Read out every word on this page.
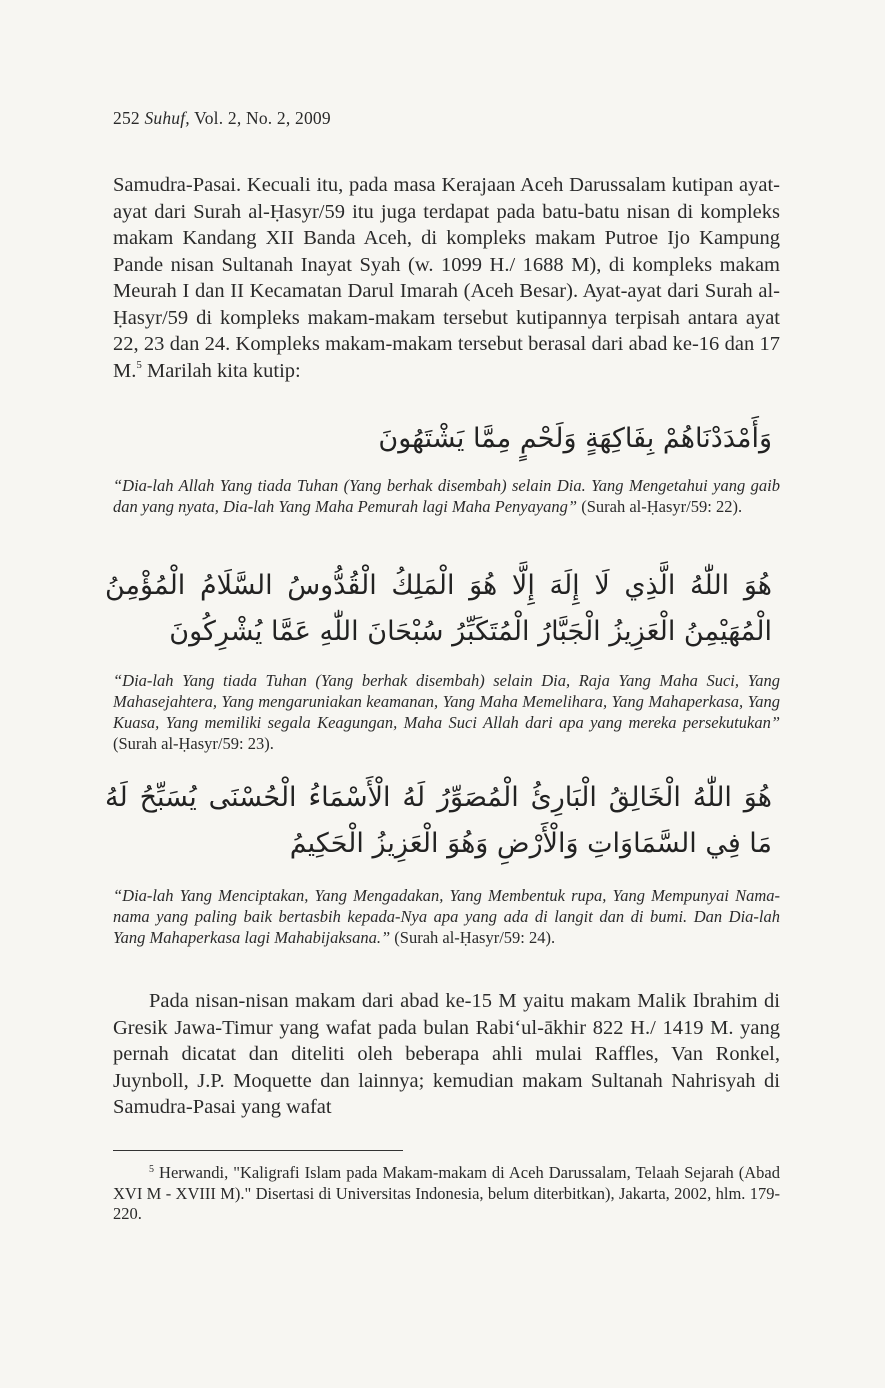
252 Suhuf, Vol. 2, No. 2, 2009

Samudra-Pasai. Kecuali itu, pada masa Kerajaan Aceh Darussalam kutipan ayat-ayat dari Surah al-Ḥasyr/59 itu juga terdapat pada batu-batu nisan di kompleks makam Kandang XII Banda Aceh, di kompleks makam Putroe Ijo Kampung Pande nisan Sultanah Inayat Syah (w. 1099 H./ 1688 M), di kompleks makam Meurah I dan II Kecamatan Darul Imarah (Aceh Besar). Ayat-ayat dari Surah al-Ḥasyr/59 di kompleks makam-makam tersebut kutipannya terpisah antara ayat 22, 23 dan 24. Kompleks makam-makam tersebut berasal dari abad ke-16 dan 17 M.$^5$ Marilah kita kutip:

وَأَمْدَدْنَاهُمْ بِفَاكِهَةٍ وَلَحْمٍ مِمَّا يَشْتَهُونَ

“Dia-lah Allah Yang tiada Tuhan (Yang berhak disembah) selain Dia. Yang Mengetahui yang gaib dan yang nyata, Dia-lah Yang Maha Pemurah lagi Maha Penyayang” (Surah al-Ḥasyr/59: 22).

هُوَ اللّٰهُ الَّذِي لَا إِلَهَ إِلَّا هُوَ الْمَلِكُ الْقُدُّوسُ السَّلَامُ الْمُؤْمِنُ الْمُهَيْمِنُ الْعَزِيزُ الْجَبَّارُ الْمُتَكَبِّرُ سُبْحَانَ اللّٰهِ عَمَّا يُشْرِكُونَ

“Dia-lah Yang tiada Tuhan (Yang berhak disembah) selain Dia, Raja Yang Maha Suci, Yang Mahasejahtera, Yang mengaruniakan keamanan, Yang Maha Memelihara, Yang Mahaperkasa, Yang Kuasa, Yang memiliki segala Keagungan, Maha Suci Allah dari apa yang mereka persekutukan” (Surah al-Ḥasyr/59: 23).

هُوَ اللّٰهُ الْخَالِقُ الْبَارِئُ الْمُصَوِّرُ لَهُ الْأَسْمَاءُ الْحُسْنَى يُسَبِّحُ لَهُ مَا فِي السَّمَاوَاتِ وَالْأَرْضِ وَهُوَ الْعَزِيزُ الْحَكِيمُ

“Dia-lah Yang Menciptakan, Yang Mengadakan, Yang Membentuk rupa, Yang Mempunyai Nama-nama yang paling baik bertasbih kepada-Nya apa yang ada di langit dan di bumi. Dan Dia-lah Yang Mahaperkasa lagi Mahabijaksana.” (Surah al-Ḥasyr/59: 24).

Pada nisan-nisan makam dari abad ke-15 M yaitu makam Malik Ibrahim di Gresik Jawa-Timur yang wafat pada bulan Rabi‘ul-ākhir 822 H./ 1419 M. yang pernah dicatat dan diteliti oleh beberapa ahli mulai Raffles, Van Ronkel, Juynboll, J.P. Moquette dan lainnya; kemudian makam Sultanah Nahrisyah di Samudra-Pasai yang wafat

$^5$ Herwandi, "Kaligrafi Islam pada Makam-makam di Aceh Darussalam, Telaah Sejarah (Abad XVI M - XVIII M)." Disertasi di Universitas Indonesia, belum diterbitkan), Jakarta, 2002, hlm. 179-220.
